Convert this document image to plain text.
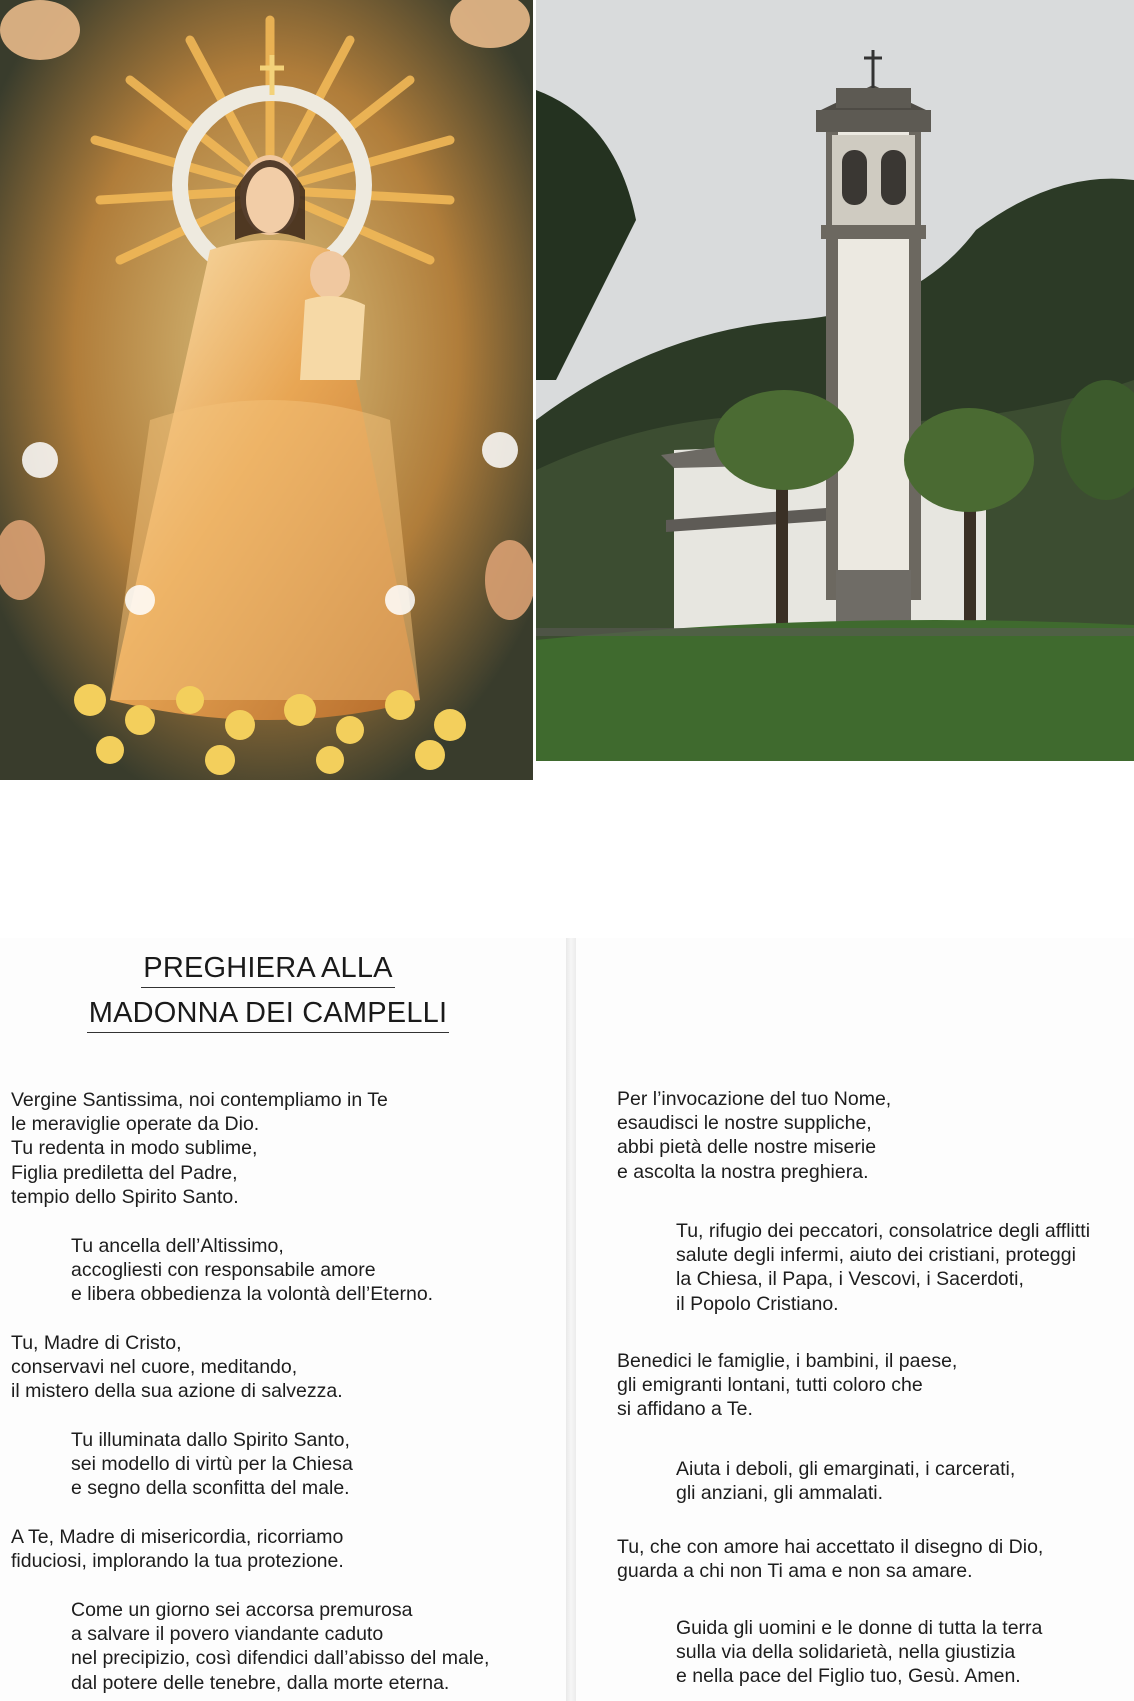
PREGHIERA ALLA
MADONNA DEI CAMPELLI

Vergine Santissima, noi contempliamo in Te
le meraviglie operate da Dio.
Tu redenta in modo sublime,
Figlia prediletta del Padre,
tempio dello Spirito Santo.

Tu ancella dell’Altissimo,
accogliesti con responsabile amore
e libera obbedienza la volontà dell’Eterno.

Tu, Madre di Cristo,
conservavi nel cuore, meditando,
il mistero della sua azione di salvezza.

Tu illuminata dallo Spirito Santo,
sei modello di virtù per la Chiesa
e segno della sconfitta del male.

A Te, Madre di misericordia, ricorriamo
fiduciosi, implorando la tua protezione.

Come un giorno sei accorsa premurosa
a salvare il povero viandante caduto
nel precipizio, così difendici dall’abisso del male,
dal potere delle tenebre, dalla morte eterna.

Per l’invocazione del tuo Nome,
esaudisci le nostre suppliche,
abbi pietà delle nostre miserie
e ascolta la nostra preghiera.

Tu, rifugio dei peccatori, consolatrice degli afflitti
salute degli infermi, aiuto dei cristiani, proteggi
la Chiesa, il Papa, i Vescovi, i Sacerdoti,
il Popolo Cristiano.

Benedici le famiglie, i bambini, il paese,
gli emigranti lontani, tutti coloro che
si affidano a Te.

Aiuta i deboli, gli emarginati, i carcerati,
gli anziani, gli ammalati.

Tu, che con amore hai accettato il disegno di Dio,
guarda a chi non Ti ama e non sa amare.

Guida gli uomini e le donne di tutta la terra
sulla via della solidarietà, nella giustizia
e nella pace del Figlio tuo, Gesù. Amen.
